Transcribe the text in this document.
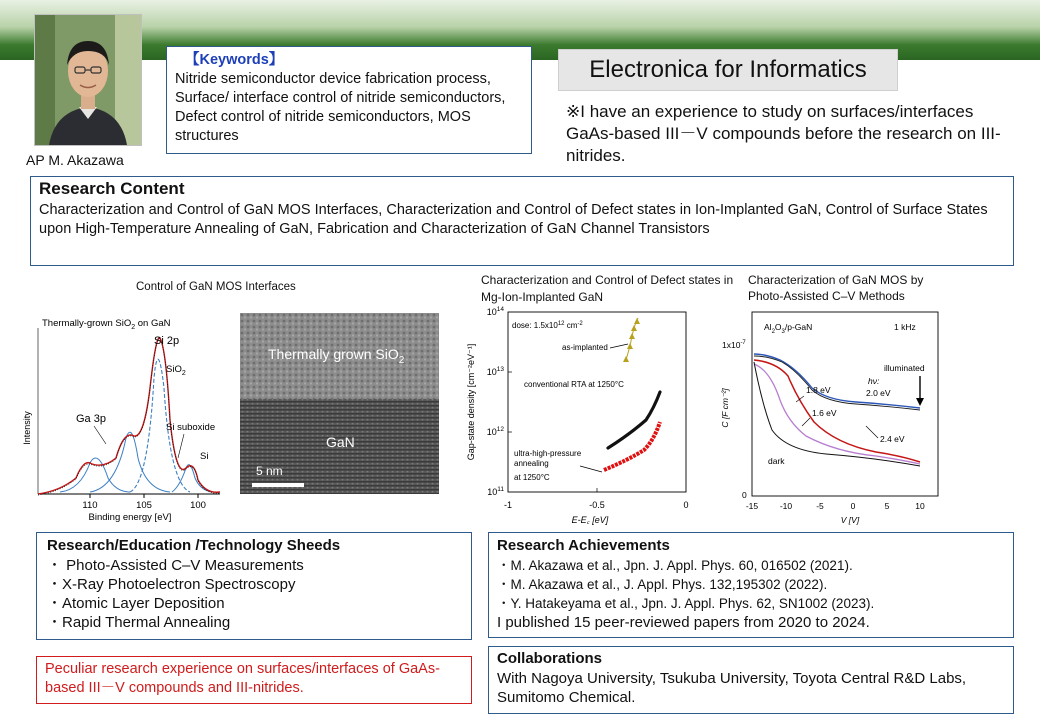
AP M. Akazawa
【Keywords】
Nitride semiconductor device fabrication process, Surface/ interface control of nitride semiconductors, Defect control of nitride semiconductors, MOS structures
Electronica for Informatics
※I have an experience to study on surfaces/interfaces GaAs-based III－V compounds before the research on III-nitrides.
Research Content

Characterization and Control of GaN MOS Interfaces, Characterization and Control of Defect states in Ion-Implanted GaN, Control of Surface States upon High-Temperature Annealing of GaN, Fabrication and Characterization of GaN Channel Transistors

Control of GaN MOS Interfaces
Thermally-grown SiO$_2$ on GaN
Intensity
110	105	100
Binding energy [eV]
Si 2p
SiO$_2$
Ga 3p
Si suboxide
Si
Thermally grown SiO$_2$
GaN
5 nm
Characterization and Control of Defect states in Mg-Ion-Implanted GaN
Gap-state density [cm⁻²eV⁻¹]
$10^{14}$
$10^{13}$
$10^{12}$
$10^{11}$
-1	-0.5	0
E-E꜀ [eV]
dose: $1.5x10^{12}$ $cm^{-2}$
as-implanted
conventional RTA at 1250°C
ultra-high-pressure
annealing
at 1250°C
Characterization of GaN MOS by Photo-Assisted C–V Methods
$Al_2O_3/p$-GaN	1 kHz
$1x10^{-7}$
0
C [F cm⁻²]
-15	-10	-5	0	5	10
V [V]
illuminated
hν:
2.0 eV
1.8 eV
1.6 eV
2.4 eV
dark
Research/Education /Technology Sheeds
・ Photo-Assisted C–V Measurements
・X-Ray Photoelectron Spectroscopy
・Atomic Layer Deposition
・Rapid Thermal Annealing
Research Achievements
・M. Akazawa et al., Jpn. J. Appl. Phys. 60, 016502 (2021).
・M. Akazawa et al., J. Appl. Phys. 132,195302 (2022).
・Y. Hatakeyama et al., Jpn. J. Appl. Phys. 62, SN1002 (2023).

I published 15 peer-reviewed papers from 2020 to 2024.

Peculiar research experience on surfaces/interfaces of GaAs-based III－V compounds and III-nitrides.
Collaborations

With Nagoya University, Tsukuba University, Toyota Central R&D Labs, Sumitomo Chemical.
